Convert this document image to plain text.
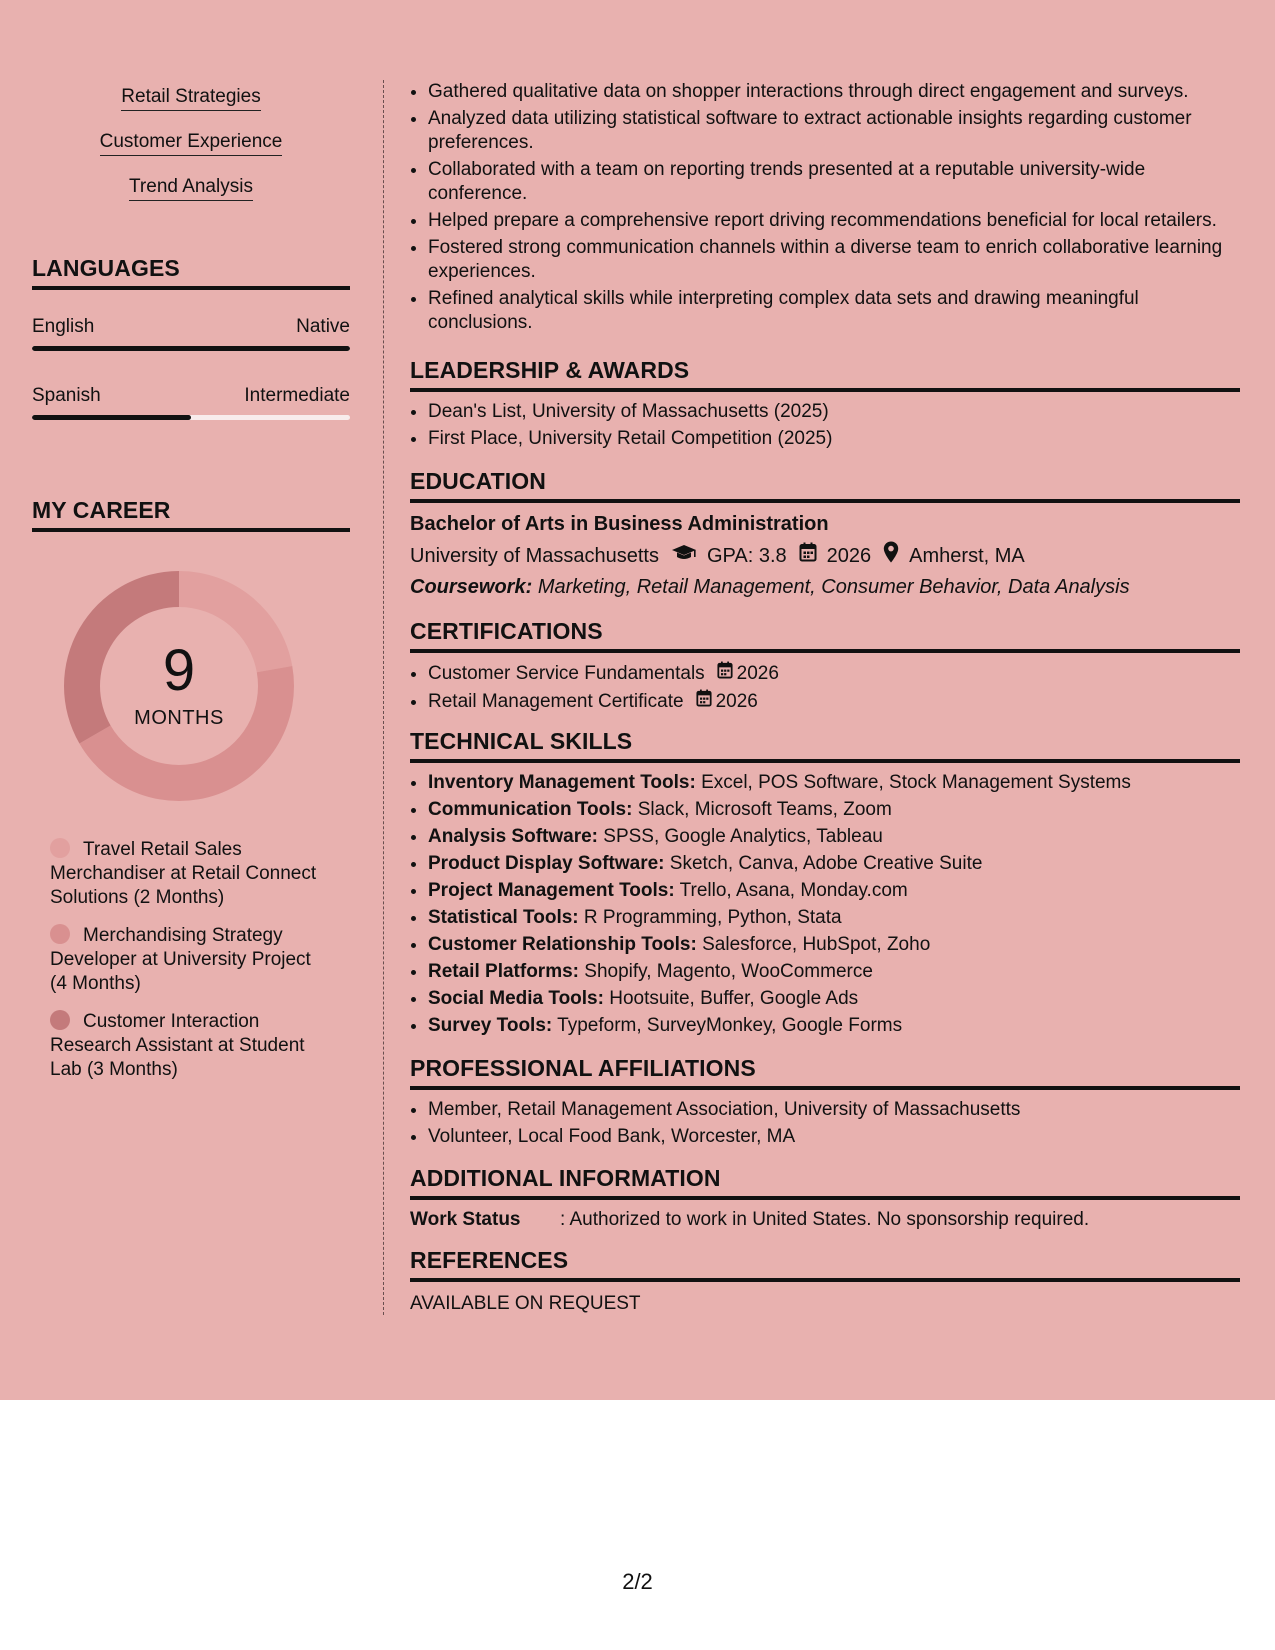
Retail Strategies
Customer Experience
Trend Analysis
LANGUAGES
English	Native
Spanish	Intermediate
MY CAREER
9
MONTHS
Travel Retail Sales Merchandiser at Retail Connect Solutions (2 Months)
Merchandising Strategy Developer at University Project (4 Months)
Customer Interaction Research Assistant at Student Lab (3 Months)
• Gathered qualitative data on shopper interactions through direct engagement and surveys.
• Analyzed data utilizing statistical software to extract actionable insights regarding customer preferences.
• Collaborated with a team on reporting trends presented at a reputable university-wide conference.
• Helped prepare a comprehensive report driving recommendations beneficial for local retailers.
• Fostered strong communication channels within a diverse team to enrich collaborative learning experiences.
• Refined analytical skills while interpreting complex data sets and drawing meaningful conclusions.
LEADERSHIP & AWARDS
• Dean's List, University of Massachusetts (2025)
• First Place, University Retail Competition (2025)
EDUCATION
Bachelor of Arts in Business Administration
University of Massachusetts GPA: 3.8 2026 Amherst, MA
Coursework: Marketing, Retail Management, Consumer Behavior, Data Analysis
CERTIFICATIONS
• Customer Service Fundamentals 2026
• Retail Management Certificate 2026
TECHNICAL SKILLS
• Inventory Management Tools: Excel, POS Software, Stock Management Systems
• Communication Tools: Slack, Microsoft Teams, Zoom
• Analysis Software: SPSS, Google Analytics, Tableau
• Product Display Software: Sketch, Canva, Adobe Creative Suite
• Project Management Tools: Trello, Asana, Monday.com
• Statistical Tools: R Programming, Python, Stata
• Customer Relationship Tools: Salesforce, HubSpot, Zoho
• Retail Platforms: Shopify, Magento, WooCommerce
• Social Media Tools: Hootsuite, Buffer, Google Ads
• Survey Tools: Typeform, SurveyMonkey, Google Forms
PROFESSIONAL AFFILIATIONS
• Member, Retail Management Association, University of Massachusetts
• Volunteer, Local Food Bank, Worcester, MA
ADDITIONAL INFORMATION
Work Status : Authorized to work in United States. No sponsorship required.
REFERENCES
AVAILABLE ON REQUEST
2/2
